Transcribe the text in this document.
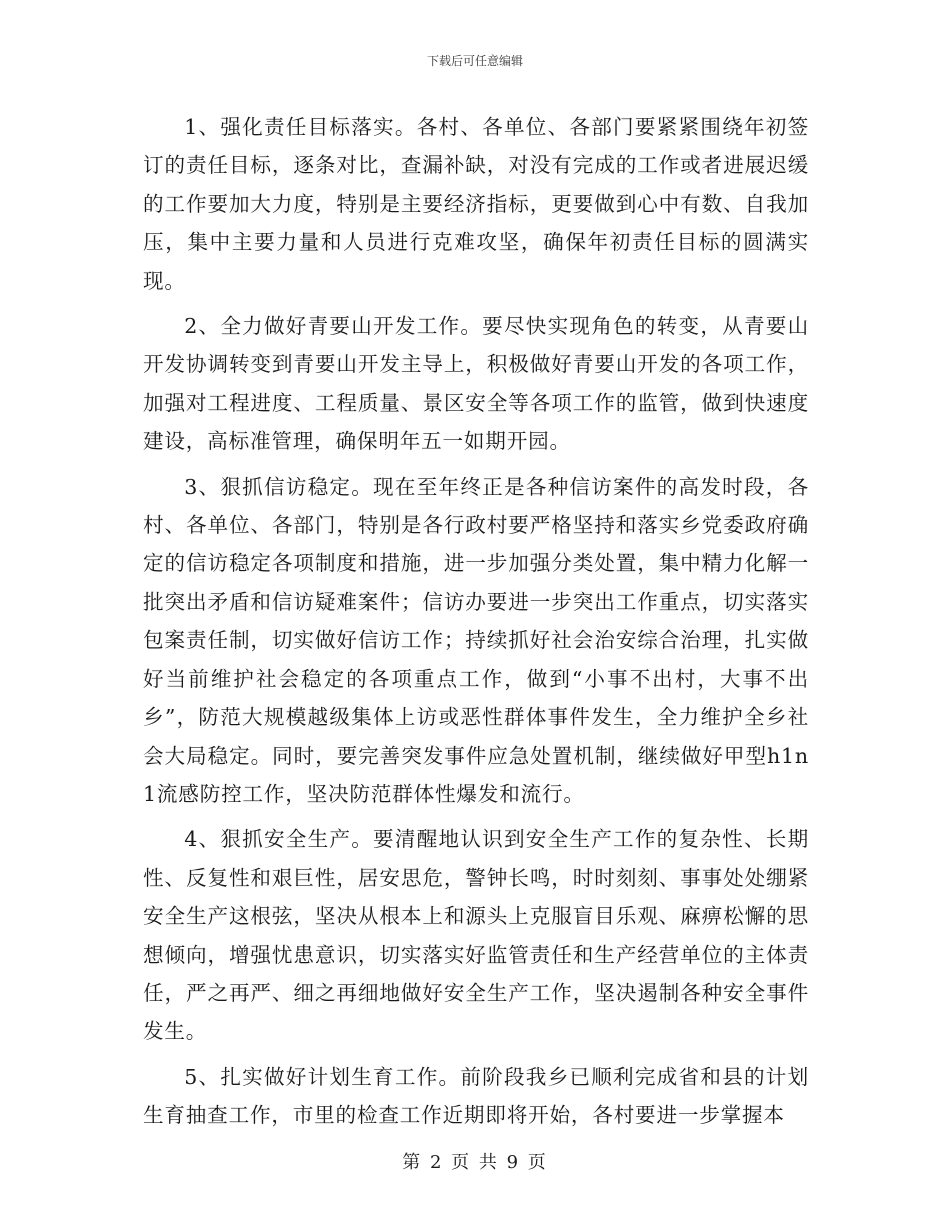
下载后可任意编辑

1、强化责任目标落实。各村、各单位、各部门要紧紧围绕年初签订的责任目标，逐条对比，查漏补缺，对没有完成的工作或者进展迟缓的工作要加大力度，特别是主要经济指标，更要做到心中有数、自我加压，集中主要力量和人员进行克难攻坚，确保年初责任目标的圆满实现。

2、全力做好青要山开发工作。要尽快实现角色的转变，从青要山开发协调转变到青要山开发主导上，积极做好青要山开发的各项工作，加强对工程进度、工程质量、景区安全等各项工作的监管，做到快速度建设，高标准管理，确保明年五一如期开园。

3、狠抓信访稳定。现在至年终正是各种信访案件的高发时段，各村、各单位、各部门，特别是各行政村要严格坚持和落实乡党委政府确定的信访稳定各项制度和措施，进一步加强分类处置，集中精力化解一批突出矛盾和信访疑难案件；信访办要进一步突出工作重点，切实落实包案责任制，切实做好信访工作；持续抓好社会治安综合治理，扎实做好当前维护社会稳定的各项重点工作，做到“小事不出村，大事不出乡”，防范大规模越级集体上访或恶性群体事件发生，全力维护全乡社会大局稳定。同时，要完善突发事件应急处置机制，继续做好甲型h1n1流感防控工作，坚决防范群体性爆发和流行。

4、狠抓安全生产。要清醒地认识到安全生产工作的复杂性、长期性、反复性和艰巨性，居安思危，警钟长鸣，时时刻刻、事事处处绷紧安全生产这根弦，坚决从根本上和源头上克服盲目乐观、麻痹松懈的思想倾向，增强忧患意识，切实落实好监管责任和生产经营单位的主体责任，严之再严、细之再细地做好安全生产工作，坚决遏制各种安全事件发生。

5、扎实做好计划生育工作。前阶段我乡已顺利完成省和县的计划生育抽查工作，市里的检查工作近期即将开始，各村要进一步掌握本

第 2 页 共 9 页
